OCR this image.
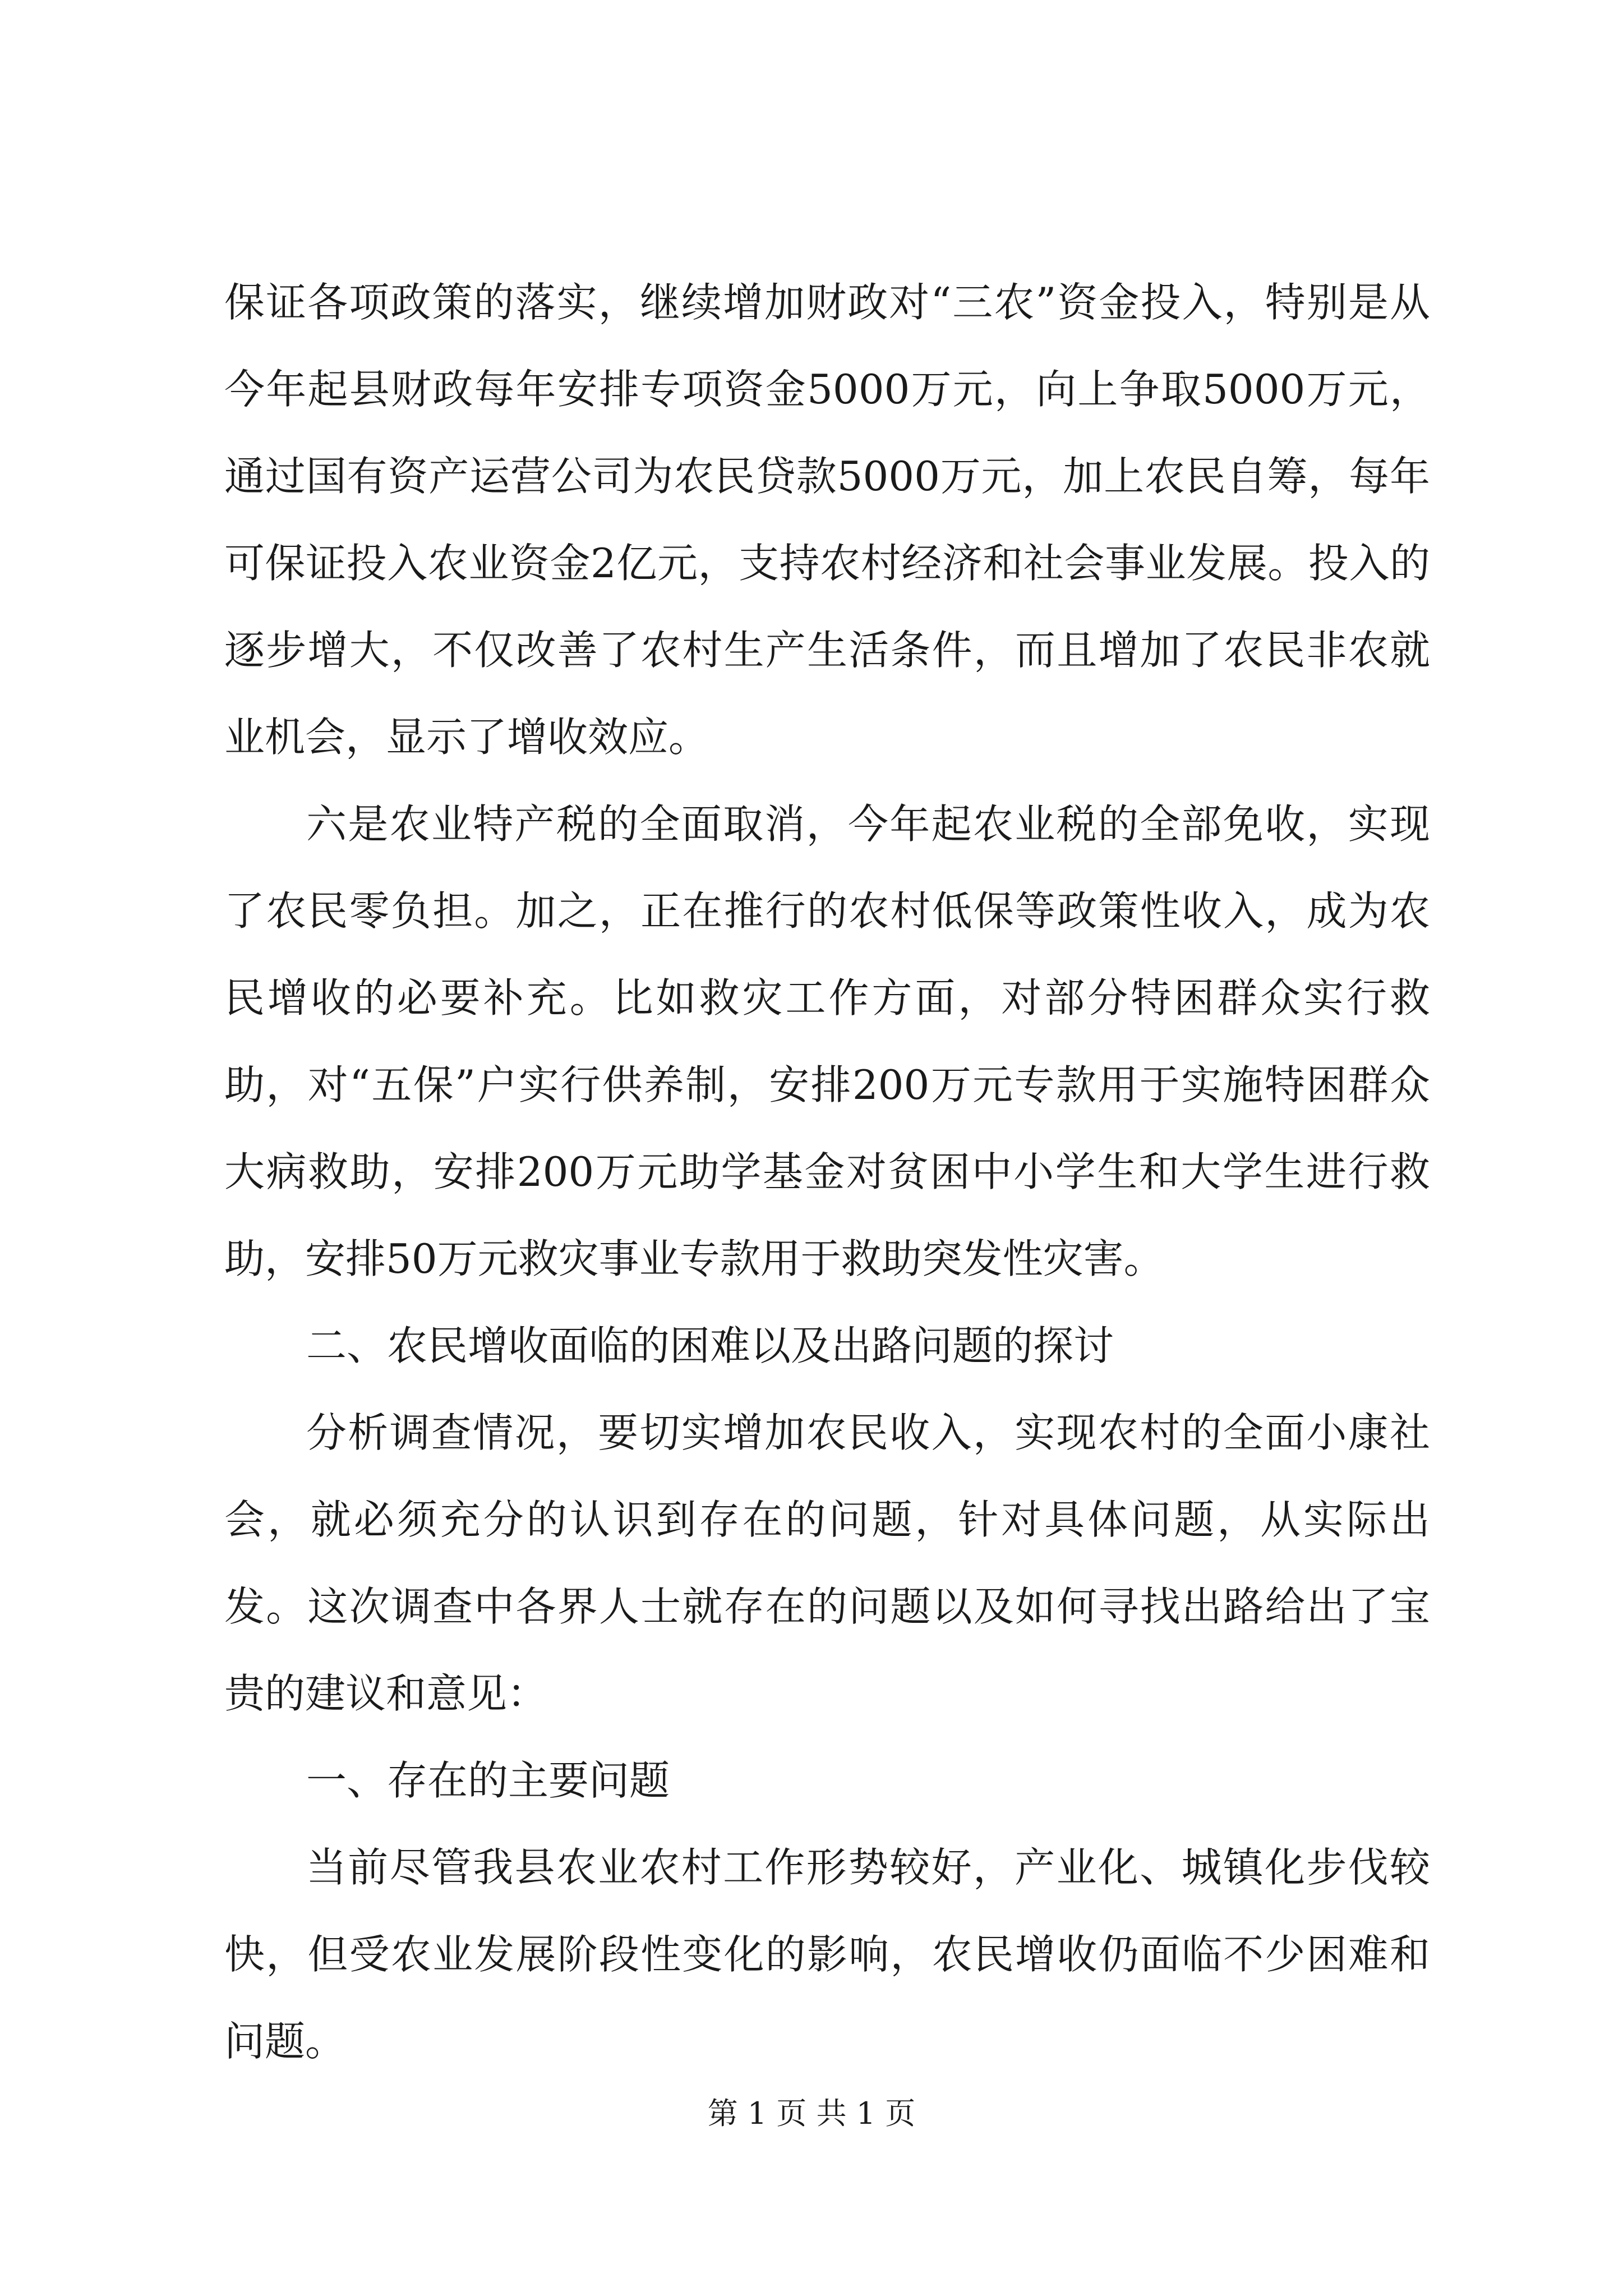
保证各项政策的落实，继续增加财政对“三农”资金投入，特别是从今年起县财政每年安排专项资金5000万元，向上争取5000万元，通过国有资产运营公司为农民贷款5000万元，加上农民自筹，每年可保证投入农业资金2亿元，支持农村经济和社会事业发展。投入的逐步增大，不仅改善了农村生产生活条件，而且增加了农民非农就业机会，显示了增收效应。

六是农业特产税的全面取消，今年起农业税的全部免收，实现了农民零负担。加之，正在推行的农村低保等政策性收入，成为农民增收的必要补充。比如救灾工作方面，对部分特困群众实行救助，对“五保”户实行供养制，安排200万元专款用于实施特困群众大病救助，安排200万元助学基金对贫困中小学生和大学生进行救助，安排50万元救灾事业专款用于救助突发性灾害。

二、农民增收面临的困难以及出路问题的探讨

分析调查情况，要切实增加农民收入，实现农村的全面小康社会，就必须充分的认识到存在的问题，针对具体问题，从实际出发。这次调查中各界人士就存在的问题以及如何寻找出路给出了宝贵的建议和意见：

一、存在的主要问题

当前尽管我县农业农村工作形势较好，产业化、城镇化步伐较快，但受农业发展阶段性变化的影响，农民增收仍面临不少困难和问题。

第 1 页 共 1 页
